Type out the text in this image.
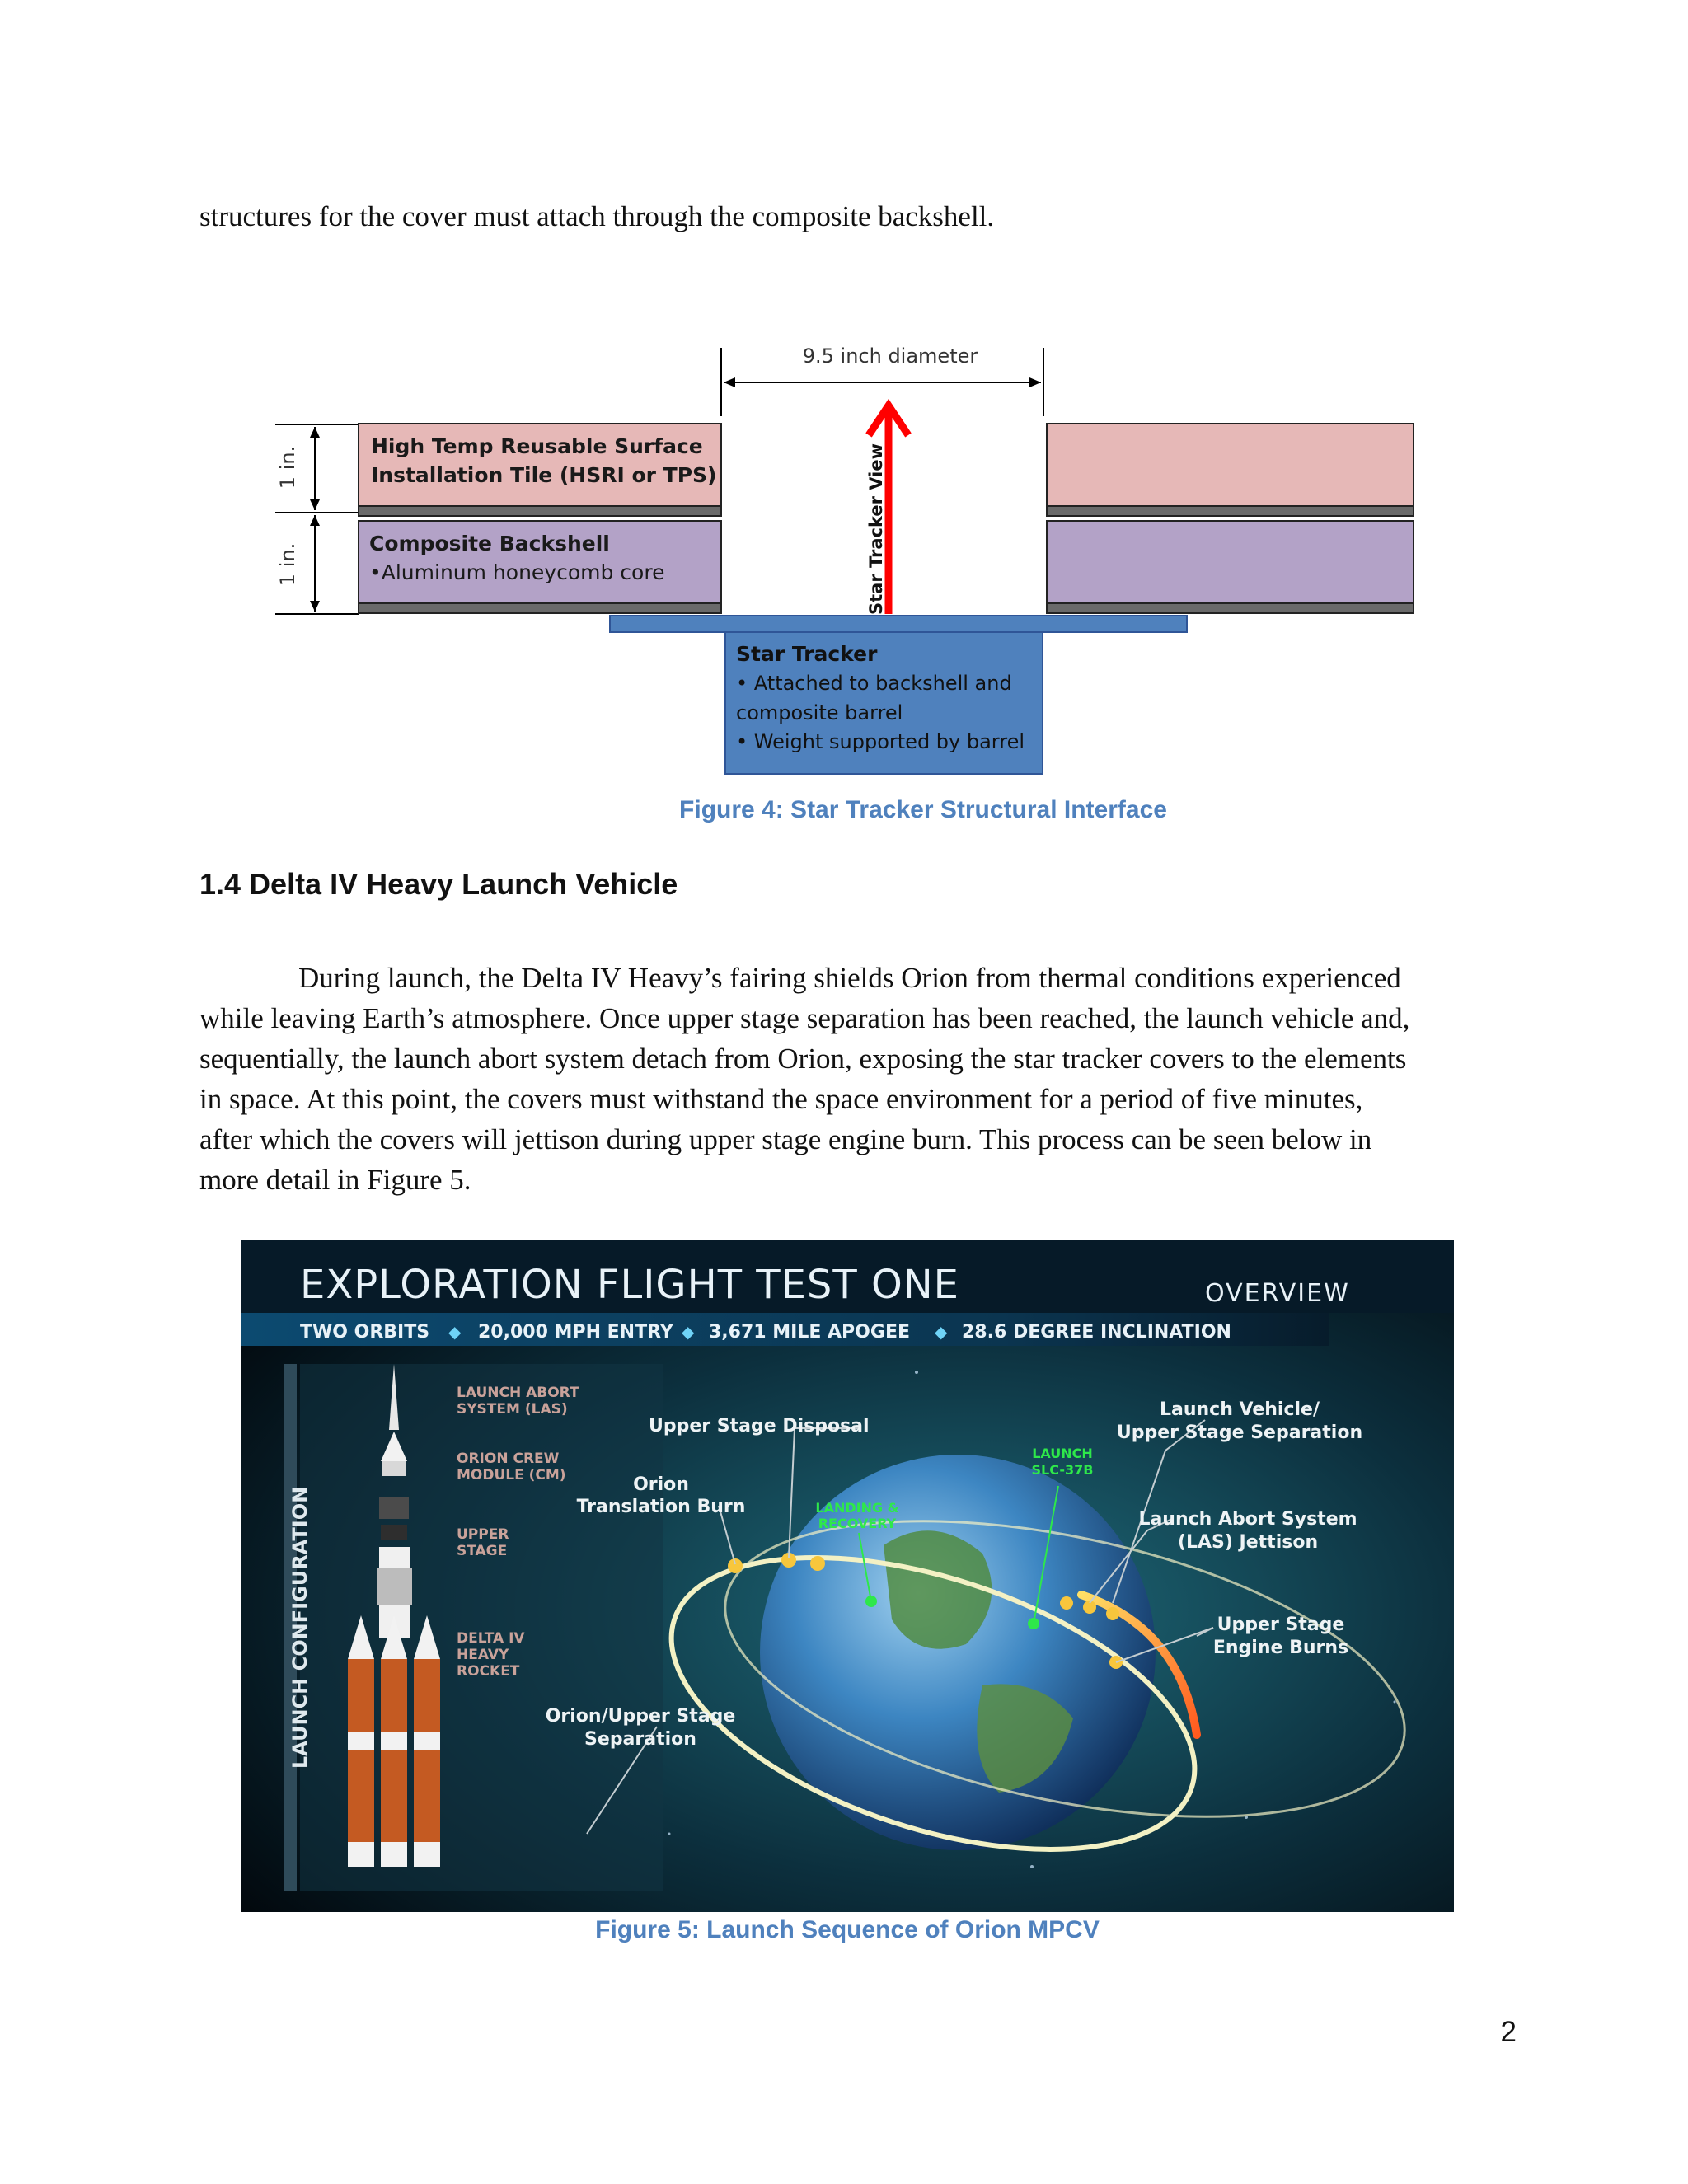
structures for the cover must attach through the composite backshell.
9.5 inch diameter
1 in.
1 in.
High Temp Reusable Surface
Installation Tile (HSRI or TPS)
Composite Backshell
•Aluminum honeycomb core
Star Tracker
• Attached to backshell and
composite barrel
• Weight supported by barrel
Star Tracker View
Figure 4: Star Tracker Structural Interface
1.4 Delta IV Heavy Launch Vehicle
During launch, the Delta IV Heavy’s fairing shields Orion from thermal conditions experienced
while leaving Earth’s atmosphere. Once upper stage separation has been reached, the launch vehicle and,
sequentially, the launch abort system detach from Orion, exposing the star tracker covers to the elements
in space. At this point, the covers must withstand the space environment for a period of five minutes,
after which the covers will jettison during upper stage engine burn. This process can be seen below in
more detail in Figure 5.
EXPLORATION FLIGHT TEST ONE	OVERVIEW
TWO ORBITS ◆ 20,000 MPH ENTRY ◆ 3,671 MILE APOGEE ◆ 28.6 DEGREE INCLINATION
LAUNCH CONFIGURATION
LAUNCH ABORT
SYSTEM (LAS)
ORION CREW
MODULE (CM)
UPPER
STAGE
DELTA IV
HEAVY
ROCKET
Upper Stage Disposal
Orion
Translation Burn
Launch Vehicle/
Upper Stage Separation
Launch Abort System
(LAS) Jettison
Upper Stage
Engine Burns
Orion/Upper Stage
Separation
LANDING &
RECOVERY
LAUNCH
SLC-37B
Figure 5: Launch Sequence of Orion MPCV
2
